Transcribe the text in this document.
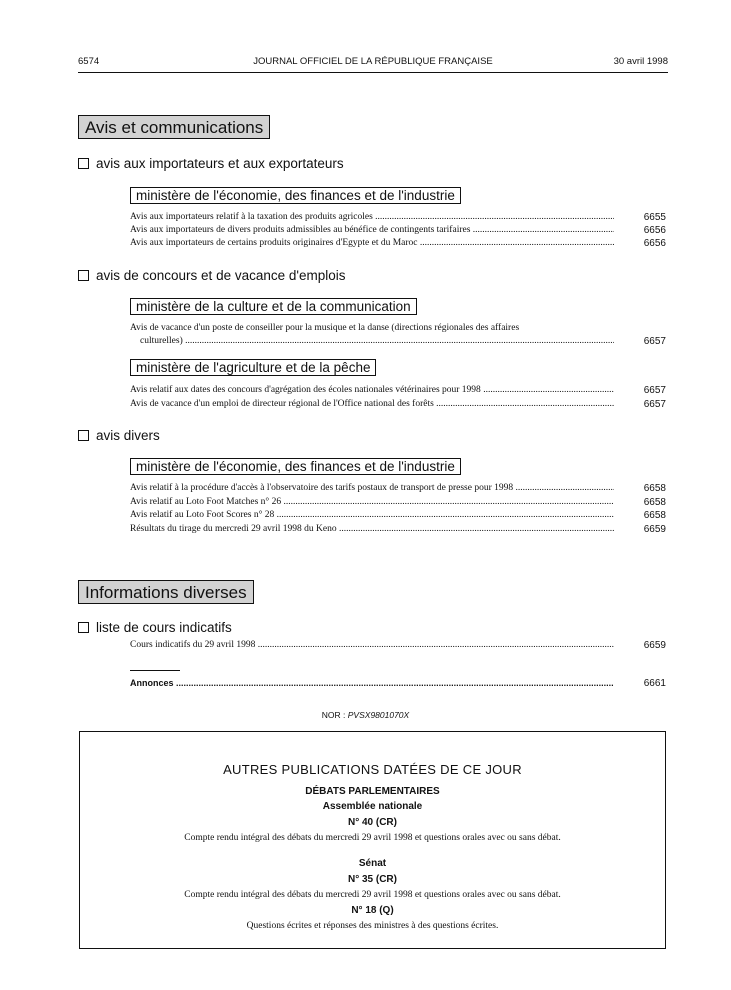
6574	JOURNAL OFFICIEL DE LA RÉPUBLIQUE FRANÇAISE	30 avril 1998
Avis et communications
avis aux importateurs et aux exportateurs
ministère de l'économie, des finances et de l'industrie
Avis aux importateurs relatif à la taxation des produits agricoles .....	6655
Avis aux importateurs de divers produits admissibles au bénéfice de contingents tarifaires .....	6656
Avis aux importateurs de certains produits originaires d'Egypte et du Maroc .....	6656
avis de concours et de vacance d'emplois
ministère de la culture et de la communication
Avis de vacance d'un poste de conseiller pour la musique et la danse (directions régionales des affaires
culturelles) .....	6657
ministère de l'agriculture et de la pêche
Avis relatif aux dates des concours d'agrégation des écoles nationales vétérinaires pour 1998 .....	6657
Avis de vacance d'un emploi de directeur régional de l'Office national des forêts .....	6657
avis divers
ministère de l'économie, des finances et de l'industrie
Avis relatif à la procédure d'accès à l'observatoire des tarifs postaux de transport de presse pour 1998 .....	6658
Avis relatif au Loto Foot Matches n° 26 .....	6658
Avis relatif au Loto Foot Scores n° 28 .....	6658
Résultats du tirage du mercredi 29 avril 1998 du Keno .....	6659
Informations diverses
liste de cours indicatifs
Cours indicatifs du 29 avril 1998 .....	6659
Annonces .....	6661
NOR : PVSX9801070X
AUTRES PUBLICATIONS DATÉES DE CE JOUR
DÉBATS PARLEMENTAIRES
Assemblée nationale
N° 40 (CR)
Compte rendu intégral des débats du mercredi 29 avril 1998 et questions orales avec ou sans débat.
Sénat
N° 35 (CR)
Compte rendu intégral des débats du mercredi 29 avril 1998 et questions orales avec ou sans débat.
N° 18 (Q)
Questions écrites et réponses des ministres à des questions écrites.
